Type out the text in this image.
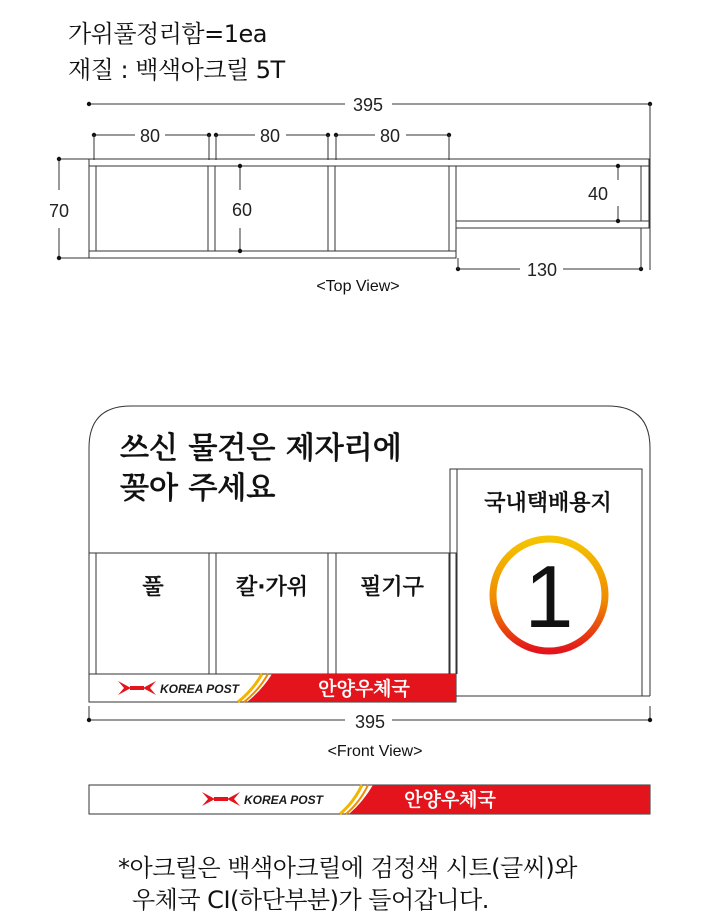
가위풀정리함=1ea
재질 : 백색아크릴 5T
395
80	80	80
70	60
40
130
<Top View>
쓰신 물건은 제자리에
꽂아 주세요
풀	칼·가위 필기구
국내택배용지
1
KOREA POST	안양우체국
395
<Front View>
KOREA POST	안양우체국
*아크릴은 백색아크릴에 검정색 시트(글씨)와
우체국 CI(하단부분)가 들어갑니다.
